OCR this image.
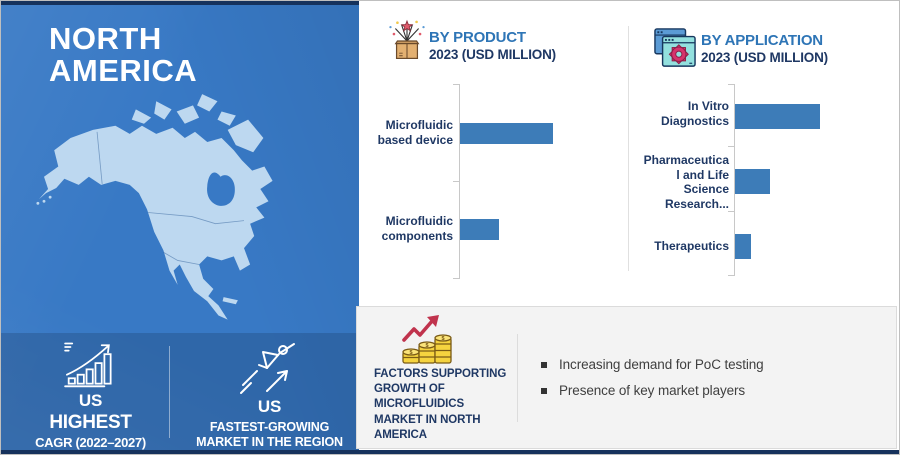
NORTH
AMERICA
US
HIGHEST
CAGR (2022–2027)
US
FASTEST-GROWING
MARKET IN THE REGION
BY PRODUCT
2023 (USD MILLION)
Microfluidic based device
Microfluidic components
BY APPLICATION
2023 (USD MILLION)
In Vitro Diagnostics
Pharmaceutical and Life Science Research...
Therapeutics
$
$
$
FACTORS SUPPORTING GROWTH OF MICROFLUIDICS MARKET IN NORTH AMERICA
Increasing demand for PoC testing
Presence of key market players
